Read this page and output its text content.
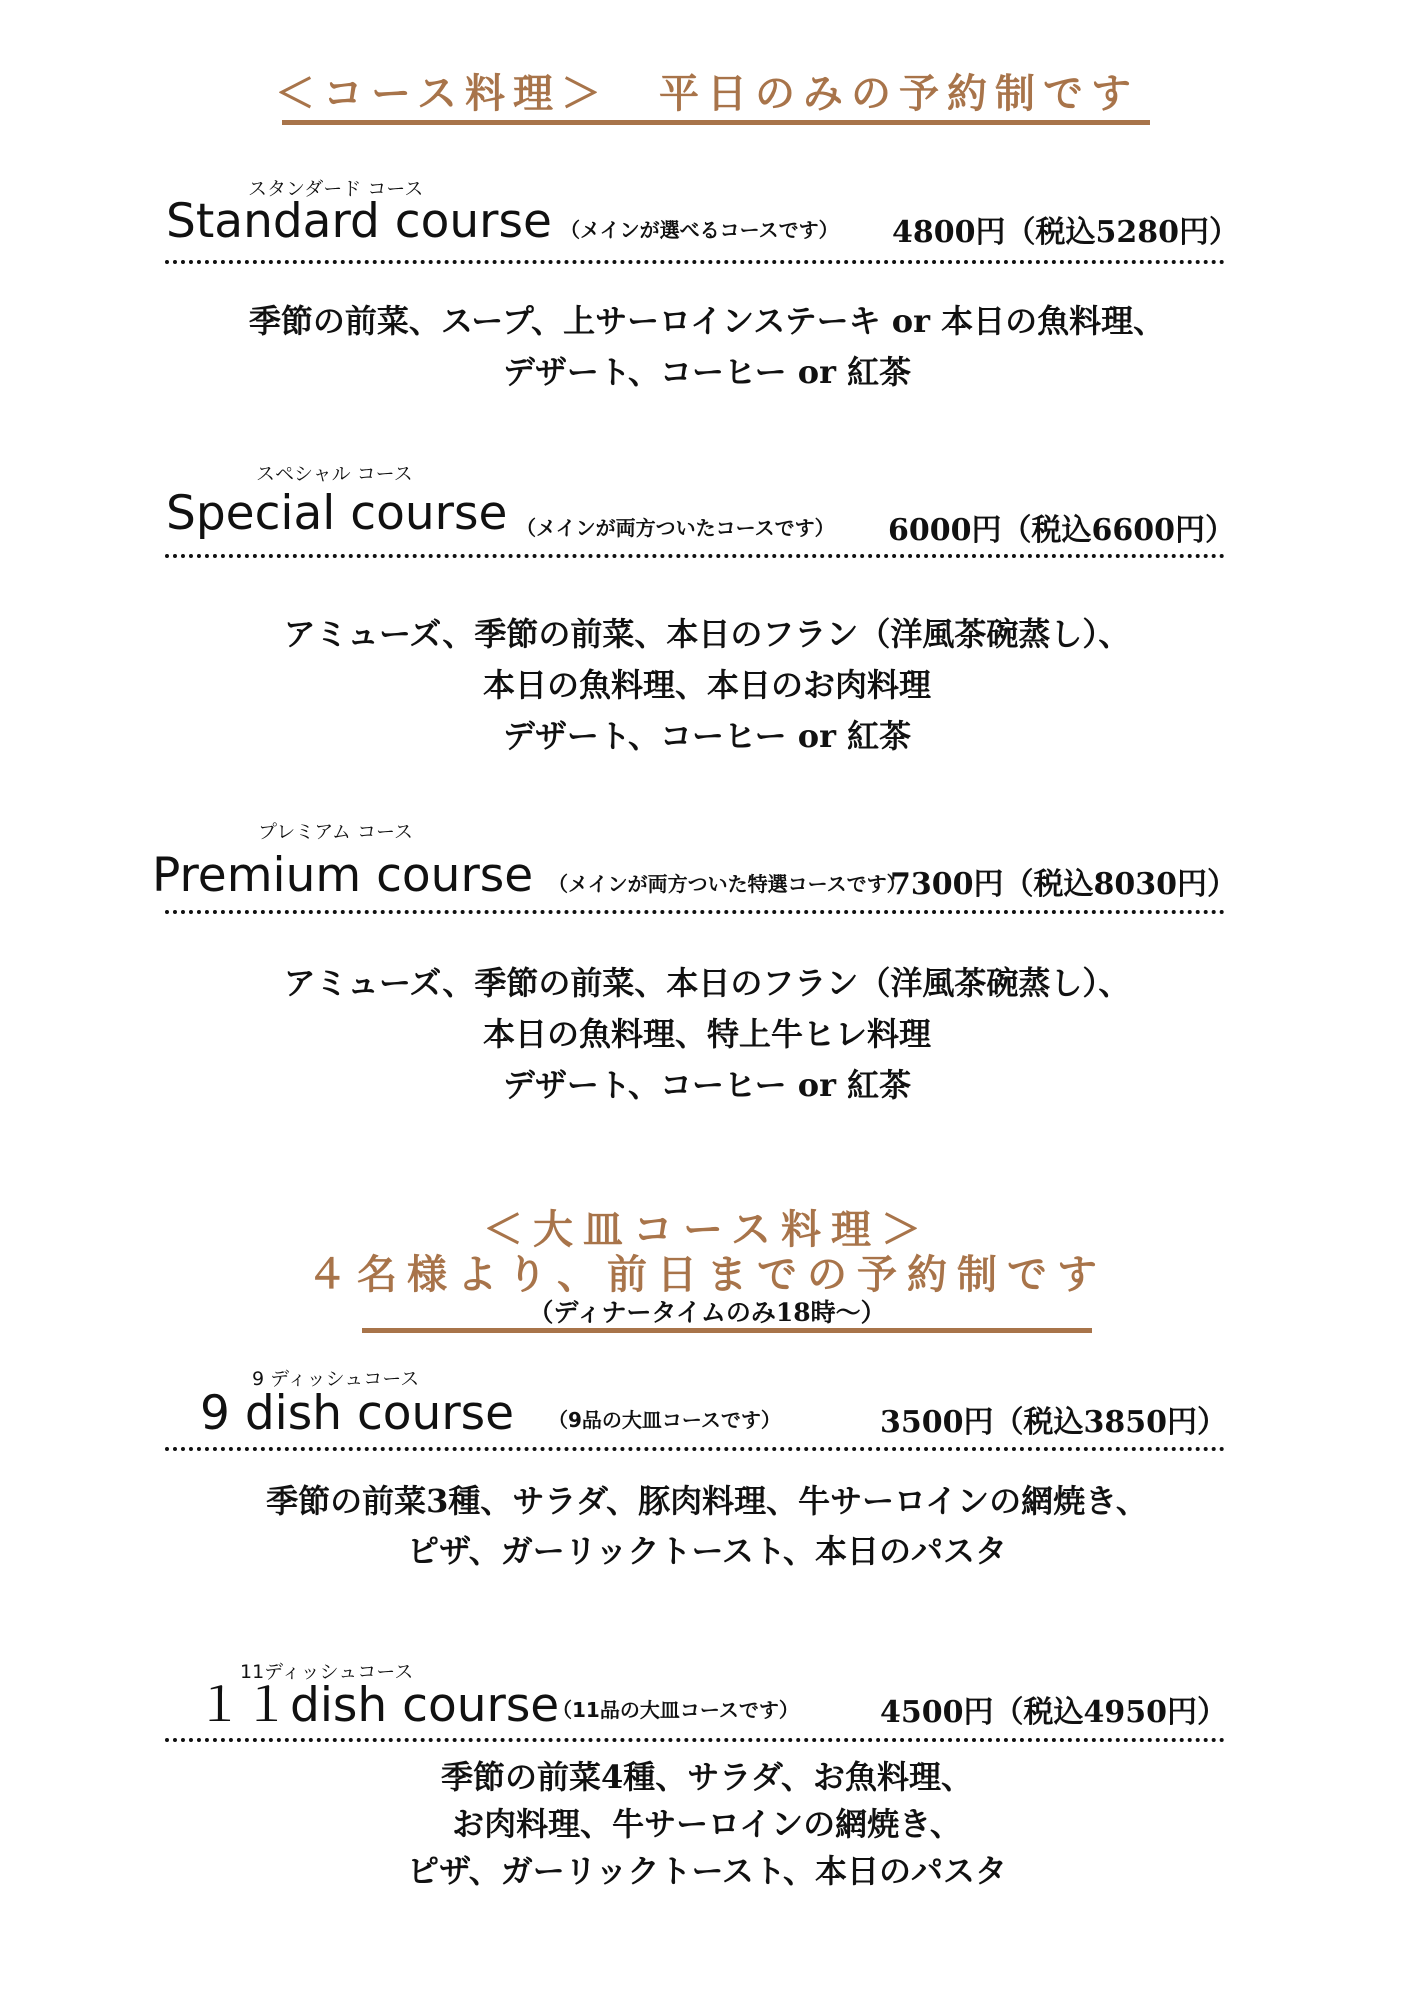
＜コース料理＞ 平日のみの予約制です
スタンダード コース
Standard course （メインが選べるコースです） 4800円（税込5280円）
季節の前菜、スープ、上サーロインステーキ or 本日の魚料理、
デザート、コーヒー or 紅茶
スペシャル コース
Special course （メインが両方ついたコースです） 6000円（税込6600円）
アミューズ、季節の前菜、本日のフラン（洋風茶碗蒸し）、
本日の魚料理、本日のお肉料理
デザート、コーヒー or 紅茶
プレミアム コース
Premium course （メインが両方ついた特選コースです）
7300円（税込8030円）
アミューズ、季節の前菜、本日のフラン（洋風茶碗蒸し）、
本日の魚料理、特上牛ヒレ料理
デザート、コーヒー or 紅茶
＜大皿コース料理＞
４名様より、前日までの予約制です
（ディナータイムのみ18時～）
9 ディッシュコース
9 dish course （9品の大皿コースです）	3500円（税込3850円）
季節の前菜3種、サラダ、豚肉料理、牛サーロインの網焼き、
ピザ、ガーリックトースト、本日のパスタ
11ディッシュコース
１１dish course
（11品の大皿コースです）	4500円（税込4950円）
季節の前菜4種、サラダ、お魚料理、
お肉料理、牛サーロインの網焼き、
ピザ、ガーリックトースト、本日のパスタ
